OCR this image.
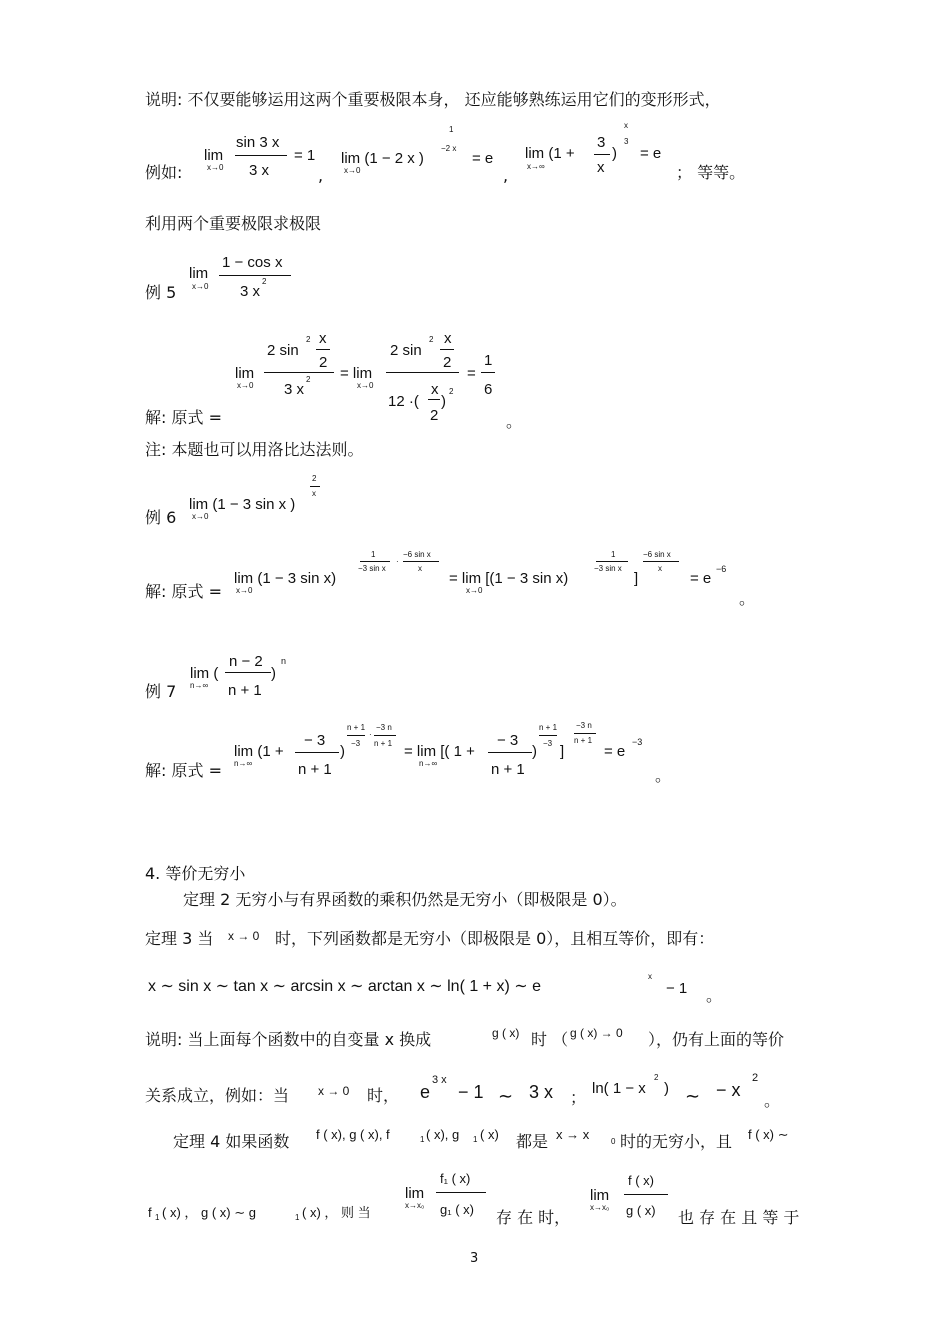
说明: 不仅要能够运用这两个重要极限本身， 还应能够熟练运用它们的变形形式，
例如:
lim
x→0
sin 3 x
3 x
= 1
,
lim (1 − 2 x )
x→0
1
−2 x
= e
,
lim (1 +
x→∞
3
x
)
x
3
= e
； 等等。
利用两个重要极限求极限
例 5
lim
x→0
1 − cos x
3 x
2
lim
x→0
2 sin
2 x
2
3 x
2 = lim
x→0
2 sin
2 x
2
12 ·(
x
2
)
2
=
1
6
解: 原式 =	。
注: 本题也可以用洛比达法则。
例 6
lim (1 − 3 sin x )
x→0
2
x
解: 原式 =
lim (1 − 3 sin x)
x→0
1
−3 sin x
·
−6 sin x
x
= lim [(1 − 3 sin x)
x→0
1
−3 sin x
]
−6 sin x
x
= e
−6
。
例 7
lim (
n→∞
n − 2
n + 1
)
n
解: 原式 =
lim (1 +
n→∞
− 3
n + 1
)
n + 1
−3
·
−3 n
n + 1 = lim [( 1 +
n→∞
− 3
n + 1
)
n + 1
−3 ]
−3 n
n + 1
= e
−3
。
4. 等价无穷小
定理 2 无穷小与有界函数的乘积仍然是无穷小（即极限是 0）。
定理 3 当 x → 0 时，下列函数都是无穷小（即极限是 0），且相互等价，即有：
x ∼ sin x ∼ tan x ∼ arcsin x ∼ arctan x ∼ ln( 1 + x) ∼ e
x
− 1 。
说明: 当上面每个函数中的自变量 x 换成	g ( x) 时 （ g ( x) → 0 ），仍有上面的等价
关系成立，例如：当 x → 0 时， e
3 x
− 1 ∼ 3 x ； ln( 1 − x
2
) ∼ − x
2
。
定理 4 如果函数 f ( x), g ( x), f	1 ( x), g 1 ( x) 都是 x → x	0 时的无穷小，且 f ( x) ∼
f 1 ( x) ， g ( x) ∼ g	1 ( x) ， 则 当
lim
x→x₀
f₁ ( x)
g₁ ( x) 存 在 时，
lim
x→x₀
f ( x)
g ( x) 也 存 在 且 等 于
3
